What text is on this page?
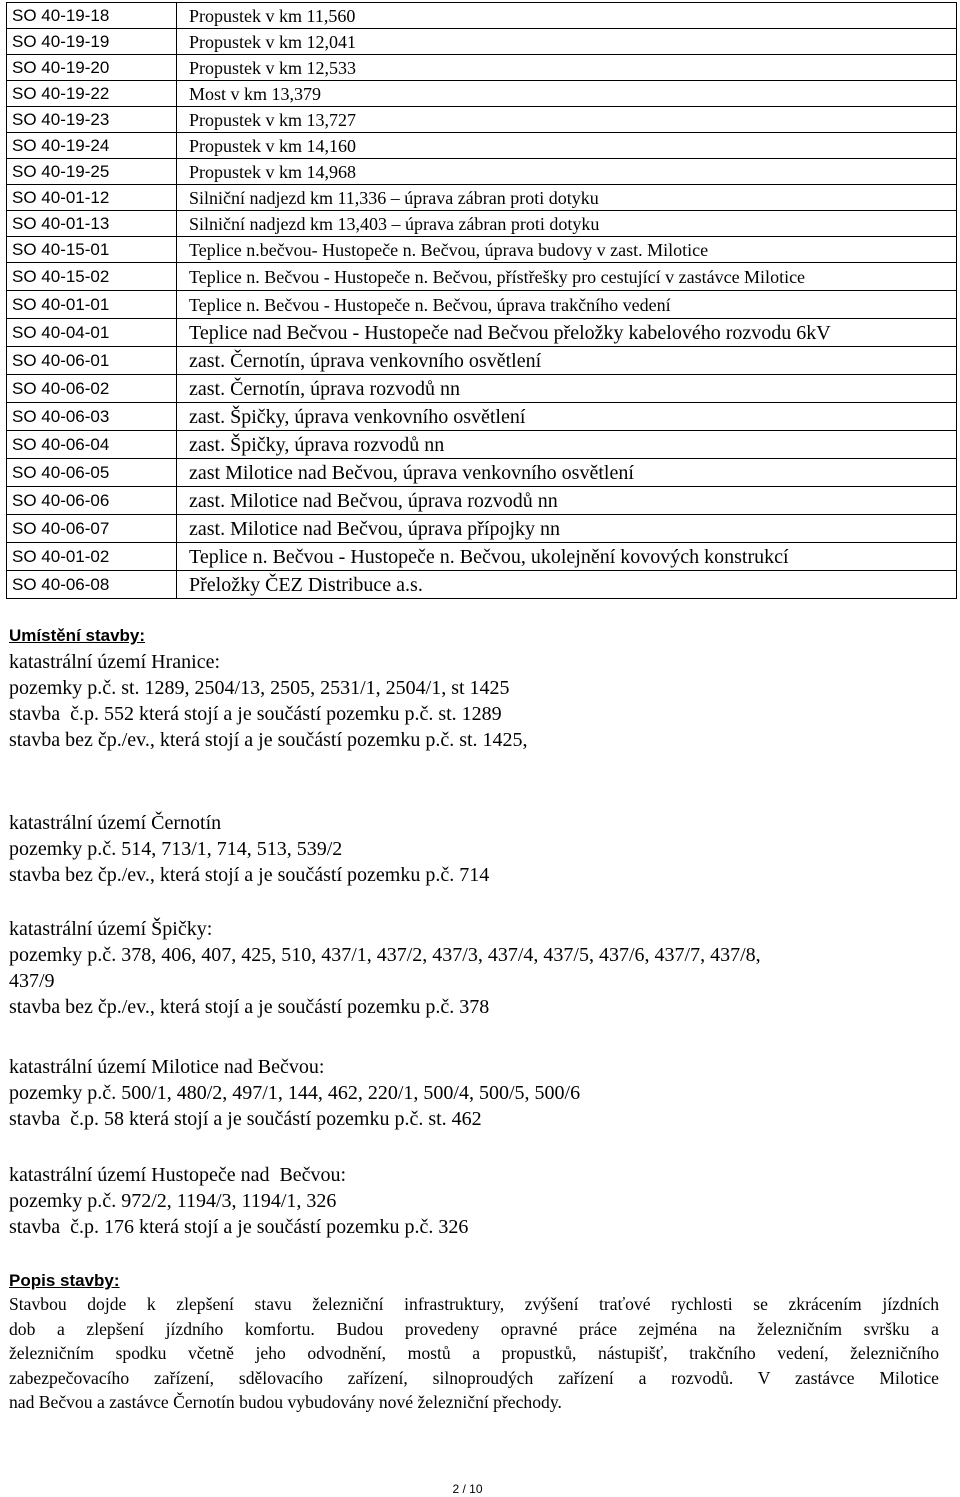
SO 40-19-18	Propustek v km 11,560
SO 40-19-19	Propustek v km 12,041
SO 40-19-20	Propustek v km 12,533
SO 40-19-22	Most v km 13,379
SO 40-19-23	Propustek v km 13,727
SO 40-19-24	Propustek v km 14,160
SO 40-19-25	Propustek v km 14,968
SO 40-01-12	Silniční nadjezd km 11,336 – úprava zábran proti dotyku
SO 40-01-13	Silniční nadjezd km 13,403 – úprava zábran proti dotyku
SO 40-15-01	Teplice n.bečvou- Hustopeče n. Bečvou, úprava budovy v zast. Milotice
SO 40-15-02	Teplice n. Bečvou - Hustopeče n. Bečvou, přístřešky pro cestující v zastávce Milotice
SO 40-01-01	Teplice n. Bečvou - Hustopeče n. Bečvou, úprava trakčního vedení
SO 40-04-01	Teplice nad Bečvou - Hustopeče nad Bečvou přeložky kabelového rozvodu 6kV
SO 40-06-01	zast. Černotín, úprava venkovního osvětlení
SO 40-06-02	zast. Černotín, úprava rozvodů nn
SO 40-06-03	zast. Špičky, úprava venkovního osvětlení
SO 40-06-04	zast. Špičky, úprava rozvodů nn
SO 40-06-05	zast Milotice nad Bečvou, úprava venkovního osvětlení
SO 40-06-06	zast. Milotice nad Bečvou, úprava rozvodů nn
SO 40-06-07	zast. Milotice nad Bečvou, úprava přípojky nn
SO 40-01-02	Teplice n. Bečvou - Hustopeče n. Bečvou, ukolejnění kovových konstrukcí
SO 40-06-08	Přeložky ČEZ Distribuce a.s.
Umístění stavby:
katastrální území Hranice:
pozemky p.č. st. 1289, 2504/13, 2505, 2531/1, 2504/1, st 1425
stavba  č.p. 552 která stojí a je součástí pozemku p.č. st. 1289
stavba bez čp./ev., která stojí a je součástí pozemku p.č. st. 1425,
katastrální území Černotín
pozemky p.č. 514, 713/1, 714, 513, 539/2
stavba bez čp./ev., která stojí a je součástí pozemku p.č. 714
katastrální území Špičky:
pozemky p.č. 378, 406, 407, 425, 510, 437/1, 437/2, 437/3, 437/4, 437/5, 437/6, 437/7, 437/8,
437/9
stavba bez čp./ev., která stojí a je součástí pozemku p.č. 378
katastrální území Milotice nad Bečvou:
pozemky p.č. 500/1, 480/2, 497/1, 144, 462, 220/1, 500/4, 500/5, 500/6
stavba  č.p. 58 která stojí a je součástí pozemku p.č. st. 462
katastrální území Hustopeče nad  Bečvou:
pozemky p.č. 972/2, 1194/3, 1194/1, 326
stavba  č.p. 176 která stojí a je součástí pozemku p.č. 326
Popis stavby:
Stavbou dojde k zlepšení stavu železniční infrastruktury, zvýšení traťové rychlosti se zkrácením jízdních
dob a zlepšení jízdního komfortu. Budou provedeny opravné práce zejména na železničním svršku a
železničním spodku včetně jeho odvodnění, mostů a propustků, nástupišť, trakčního vedení, železničního
zabezpečovacího zařízení, sdělovacího zařízení, silnoproudých zařízení a rozvodů. V zastávce Milotice
nad Bečvou a zastávce Černotín budou vybudovány nové železniční přechody.
2 / 10
